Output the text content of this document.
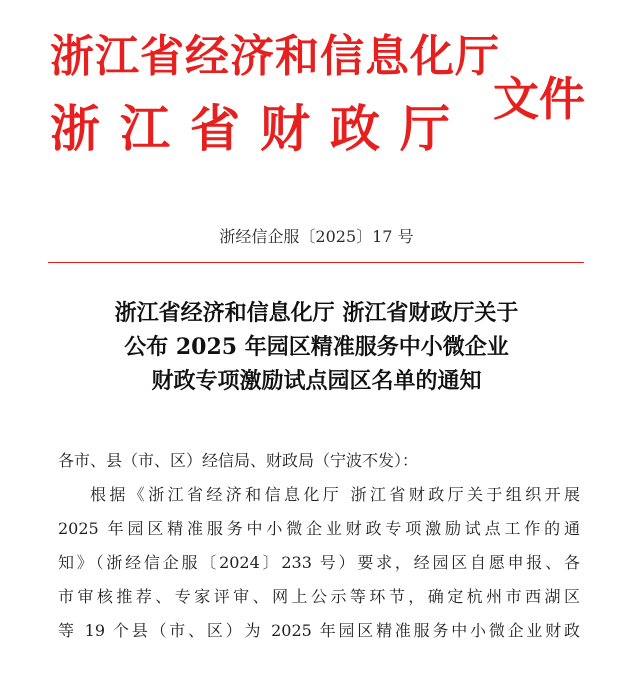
浙江省经济和信息化厅
浙江省财政厅 文件
浙经信企服〔2025〕17 号
浙江省经济和信息化厅 浙江省财政厅关于
公布 2025 年园区精准服务中小微企业
财政专项激励试点园区名单的通知
各市、县（市、区）经信局、财政局（宁波不发）：
根据《浙江省经济和信息化厅 浙江省财政厅关于组织开展
2025 年园区精准服务中小微企业财政专项激励试点工作的通
知》（浙经信企服〔2024〕233 号）要求，经园区自愿申报、各
市审核推荐、专家评审、网上公示等环节，确定杭州市西湖区
等 19 个县（市、区）为 2025 年园区精准服务中小微企业财政
